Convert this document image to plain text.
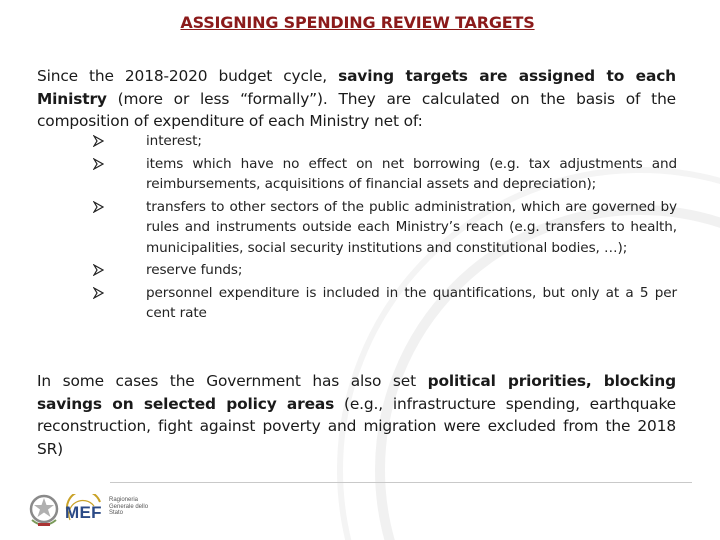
ASSIGNING SPENDING REVIEW TARGETS
Since the 2018-2020 budget cycle, saving targets are assigned to each Ministry (more or less “formally”). They are calculated on the basis of the composition of expenditure of each Ministry net of:
interest;
items which have no effect on net borrowing (e.g. tax adjustments and reimbursements, acquisitions of financial assets and depreciation);
transfers to other sectors of the public administration, which are governed by rules and instruments outside each Ministry’s reach (e.g. transfers to health, municipalities, social security institutions and constitutional bodies, …);
reserve funds;
personnel expenditure is included in the quantifications, but only at a 5 per cent rate
In some cases the Government has also set political priorities, blocking savings on selected policy areas (e.g., infrastructure spending, earthquake reconstruction, fight against poverty and migration were excluded from the 2018 SR)
MEF
Ragioneria Generale dello Stato
